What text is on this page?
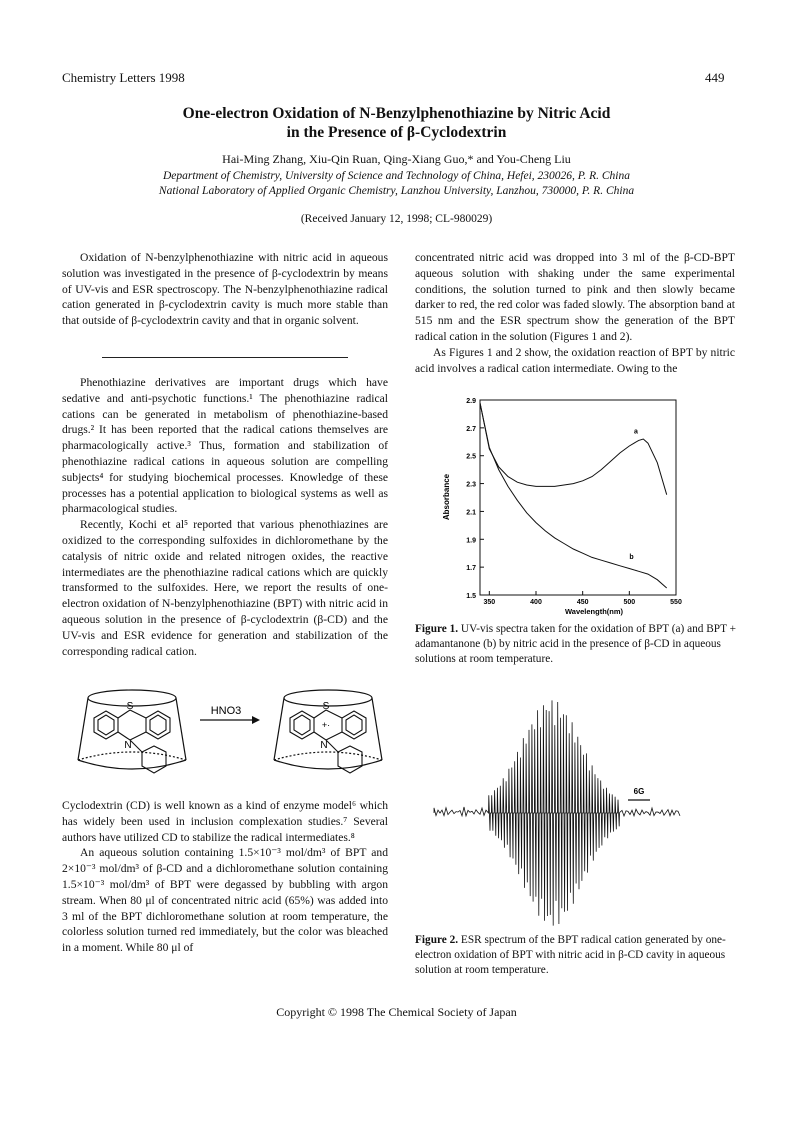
Chemistry Letters 1998	449
One-electron Oxidation of N-Benzylphenothiazine by Nitric Acid
in the Presence of β-Cyclodextrin
Hai-Ming Zhang, Xiu-Qin Ruan, Qing-Xiang Guo,* and You-Cheng Liu
Department of Chemistry, University of Science and Technology of China, Hefei, 230026, P. R. China
National Laboratory of Applied Organic Chemistry, Lanzhou University, Lanzhou, 730000, P. R. China
(Received January 12, 1998; CL-980029)

Oxidation of N-benzylphenothiazine with nitric acid in aqueous solution was investigated in the presence of β-cyclodextrin by means of UV-vis and ESR spectroscopy. The N-benzylphenothiazine radical cation generated in β-cyclodextrin cavity is much more stable than that outside of β-cyclodextrin cavity and that in organic solvent.

Phenothiazine derivatives are important drugs which have sedative and anti-psychotic functions.¹ The phenothiazine radical cations can be generated in metabolism of phenothiazine-based drugs.² It has been reported that the radical cations themselves are pharmacologically active.³ Thus, formation and stabilization of phenothiazine radical cations in aqueous solution are compelling subjects⁴ for studying biochemical processes. Knowledge of these processes has a potential application to biological systems as well as pharmacological studies.

Recently, Kochi et al⁵ reported that various phenothiazines are oxidized to the corresponding sulfoxides in dichloromethane by the catalysis of nitric oxide and related nitrogen oxides, the reactive intermediates are the phenothiazine radical cations which are quickly transformed to the sulfoxides. Here, we report the results of one-electron oxidation of N-benzylphenothiazine (BPT) with nitric acid in aqueous solution in the presence of β-cyclodextrin (β-CD) and the UV-vis and ESR evidence for generation and stabilization of the corresponding radical cation.

S
N
HNO3	S
+·
N

Cyclodextrin (CD) is well known as a kind of enzyme model⁶ which has widely been used in inclusion complexation studies.⁷ Several authors have utilized CD to stabilize the radical intermediates.⁸

An aqueous solution containing 1.5×10⁻³ mol/dm³ of BPT and 2×10⁻³ mol/dm³ of β-CD and a dichloromethane solution containing 1.5×10⁻³ mol/dm³ of BPT were degassed by bubbling with argon stream. When 80 μl of concentrated nitric acid (65%) was added into 3 ml of the BPT dichloromethane solution at room temperature, the colorless solution turned red immediately, but the color was bleached in a moment. While 80 μl of

concentrated nitric acid was dropped into 3 ml of the β-CD-BPT aqueous solution with shaking under the same experimental conditions, the solution turned to pink and then slowly became darker to red, the red color was faded slowly. The absorption band at 515 nm and the ESR spectrum show the generation of the BPT radical cation in the solution (Figures 1 and 2).

As Figures 1 and 2 show, the oxidation reaction of BPT by nitric acid involves a radical cation intermediate. Owing to the

1.5
1.7
1.9
2.1
2.3
2.5
2.7
2.9
350	400	450	500	550
a
b
Absorbance
Wavelength(nm)
Figure 1. UV-vis spectra taken for the oxidation of BPT (a) and BPT + adamantanone (b) by nitric acid in the presence of β-CD in aqueous solutions at room temperature.
6G
Figure 2. ESR spectrum of the BPT radical cation generated by one-electron oxidation of BPT with nitric acid in β-CD cavity in aqueous solution at room temperature.
Copyright © 1998 The Chemical Society of Japan
